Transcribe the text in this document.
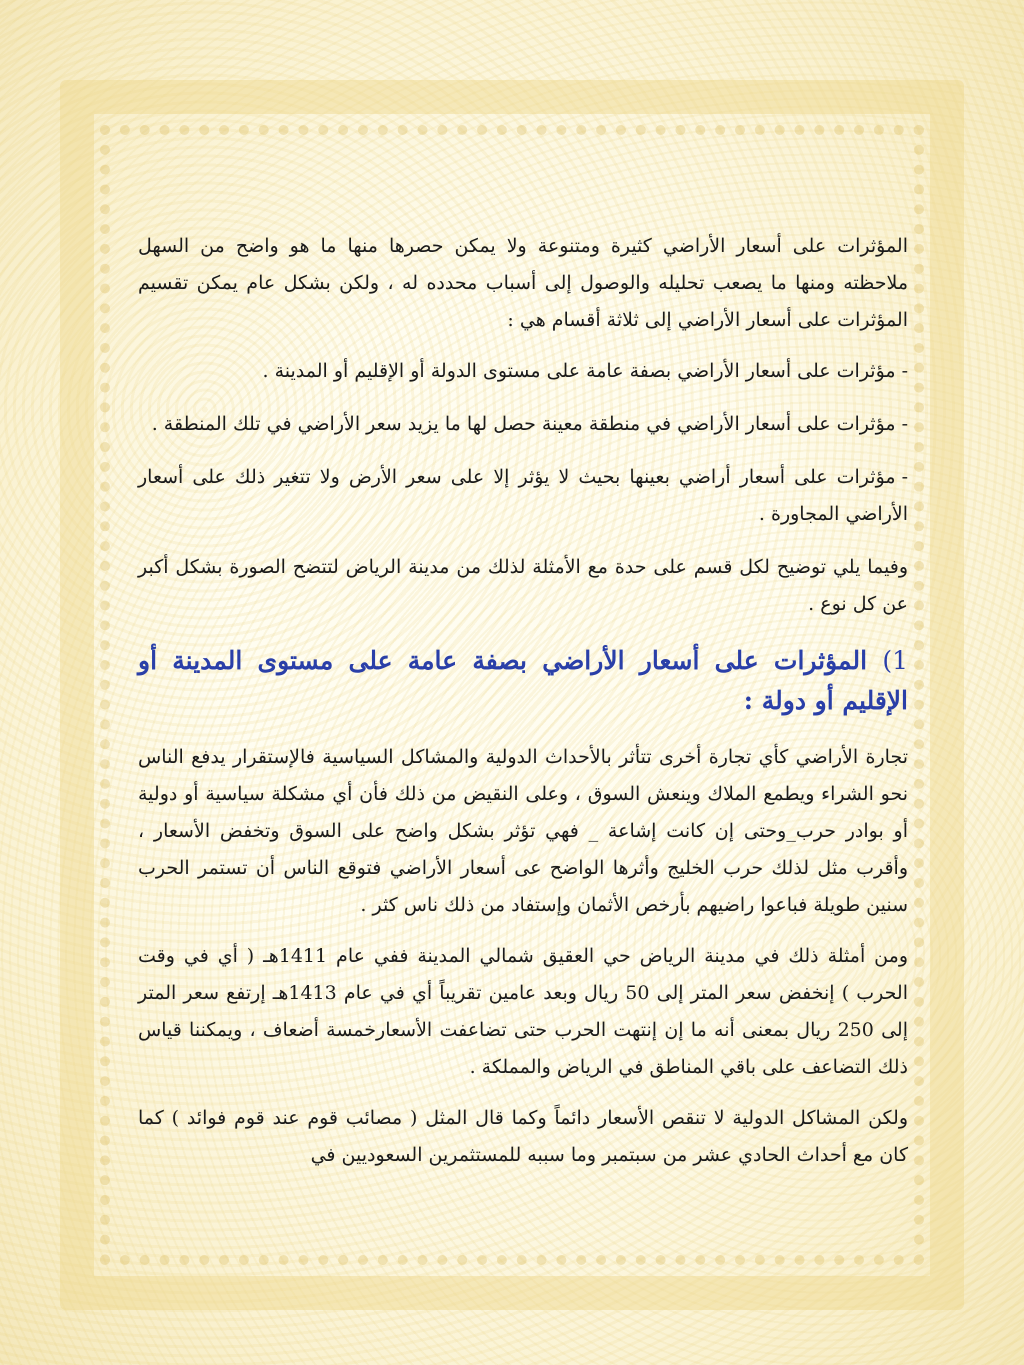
المؤثرات على أسعار الأراضي كثيرة ومتنوعة ولا يمكن حصرها منها ما هو واضح من السهل ملاحظته ومنها ما يصعب تحليله والوصول إلى أسباب محدده له ، ولكن بشكل عام يمكن تقسيم المؤثرات على أسعار الأراضي إلى ثلاثة أقسام هي :

-مؤثرات على أسعار الأراضي بصفة عامة على مستوى الدولة أو الإقليم أو المدينة .

-مؤثرات على أسعار الأراضي في منطقة معينة حصل لها ما يزيد سعر الأراضي في تلك المنطقة .

-مؤثرات على أسعار أراضي بعينها بحيث لا يؤثر إلا على سعر الأرض ولا تتغير ذلك على أسعار الأراضي المجاورة .

وفيما يلي توضيح لكل قسم على حدة مع الأمثلة لذلك من مدينة الرياض لتتضح الصورة بشكل أكبر عن كل نوع .

1) المؤثرات على أسعار الأراضي بصفة عامة على مستوى المدينة أو الإقليم أو دولة :

تجارة الأراضي كأي تجارة أخرى تتأثر بالأحداث الدولية والمشاكل السياسية فالإستقرار يدفع الناس نحو الشراء ويطمع الملاك وينعش السوق ، وعلى النقيض من ذلك فأن أي مشكلة سياسية أو دولية أو بوادر حرب_وحتى إن كانت إشاعة _ فهي تؤثر بشكل واضح على السوق وتخفض الأسعار ، وأقرب مثل لذلك حرب الخليج وأثرها الواضح عى أسعار الأراضي فتوقع الناس أن تستمر الحرب سنين طويلة فباعوا راضيهم بأرخص الأثمان وإستفاد من ذلك ناس كثر .

ومن أمثلة ذلك في مدينة الرياض حي العقيق شمالي المدينة ففي عام 1411هـ ( أي في وقت الحرب ) إنخفض سعر المتر إلى 50 ريال وبعد عامين تقريباً أي في عام 1413هـ إرتفع سعر المتر إلى 250 ريال بمعنى أنه ما إن إنتهت الحرب حتى تضاعفت الأسعارخمسة أضعاف ، ويمكننا قياس ذلك التضاعف على باقي المناطق في الرياض والمملكة .

ولكن المشاكل الدولية لا تنقص الأسعار دائماً وكما قال المثل ( مصائب قوم عند قوم فوائد ) كما كان مع أحداث الحادي عشر من سبتمبر وما سببه للمستثمرين السعوديين في
